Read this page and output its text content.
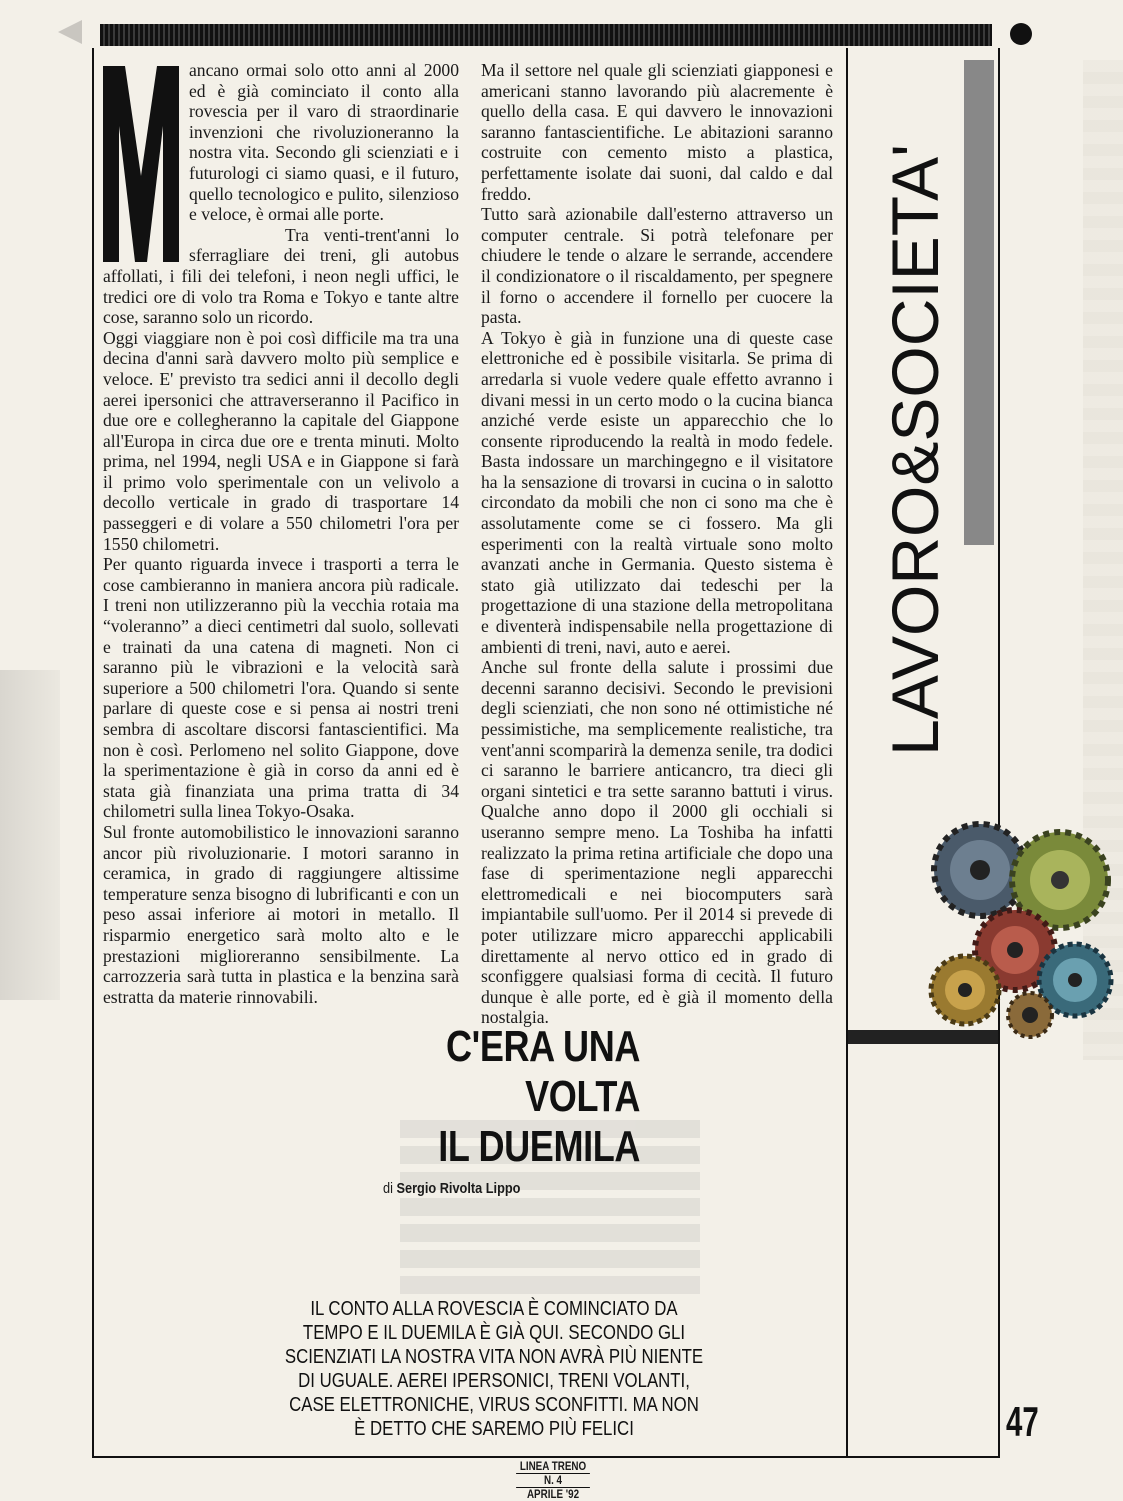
ancano ormai solo otto anni al 2000 ed è già cominciato il conto alla rovescia per il varo di straordinarie invenzioni che rivoluzioneranno la nostra vita. Secondo gli scienziati e i futurologi ci siamo quasi, e il futuro, quello tecnologico e pulito, silenzioso e veloce, è ormai alle porte.

Tra venti-trent'anni lo sferragliare dei treni, gli autobus affollati, i fili dei telefoni, i neon negli uffici, le tredici ore di volo tra Roma e Tokyo e tante altre cose, saranno solo un ricordo.

Oggi viaggiare non è poi così difficile ma tra una decina d'anni sarà davvero molto più semplice e veloce. E' previsto tra sedici anni il decollo degli aerei ipersonici che attraverseranno il Pacifico in due ore e collegheranno la capitale del Giappone all'Europa in circa due ore e trenta minuti. Molto prima, nel 1994, negli USA e in Giappone si farà il primo volo sperimentale con un velivolo a decollo verticale in grado di trasportare 14 passeggeri e di volare a 550 chilometri l'ora per 1550 chilometri.

Per quanto riguarda invece i trasporti a terra le cose cambieranno in maniera ancora più radicale. I treni non utilizzeranno più la vecchia rotaia ma “voleranno” a dieci centimetri dal suolo, sollevati e trainati da una catena di magneti. Non ci saranno più le vibrazioni e la velocità sarà superiore a 500 chilometri l'ora. Quando si sente parlare di queste cose e si pensa ai nostri treni sembra di ascoltare discorsi fantascientifici. Ma non è così. Perlomeno nel solito Giappone, dove la sperimentazione è già in corso da anni ed è stata già finanziata una prima tratta di 34 chilometri sulla linea Tokyo-Osaka.

Sul fronte automobilistico le innovazioni saranno ancor più rivoluzionarie. I motori saranno in ceramica, in grado di raggiungere altissime temperature senza bisogno di lubrificanti e con un peso assai inferiore ai motori in metallo. Il risparmio energetico sarà molto alto e le prestazioni miglioreranno sensibilmente. La carrozzeria sarà tutta in plastica e la benzina sarà estratta da materie rinnovabili.

Ma il settore nel quale gli scienziati giapponesi e americani stanno lavorando più alacremente è quello della casa. E qui davvero le innovazioni saranno fantascientifiche. Le abitazioni saranno costruite con cemento misto a plastica, perfettamente isolate dai suoni, dal caldo e dal freddo.

Tutto sarà azionabile dall'esterno attraverso un computer centrale. Si potrà telefonare per chiudere le tende o alzare le serrande, accendere il condizionatore o il riscaldamento, per spegnere il forno o accendere il fornello per cuocere la pasta.

A Tokyo è già in funzione una di queste case elettroniche ed è possibile visitarla. Se prima di arredarla si vuole vedere quale effetto avranno i divani messi in un certo modo o la cucina bianca anziché verde esiste un apparecchio che lo consente riproducendo la realtà in modo fedele. Basta indossare un marchingegno e il visitatore ha la sensazione di trovarsi in cucina o in salotto circondato da mobili che non ci sono ma che è assolutamente come se ci fossero. Ma gli esperimenti con la realtà virtuale sono molto avanzati anche in Germania. Questo sistema è stato già utilizzato dai tedeschi per la progettazione di una stazione della metropolitana e diventerà indispensabile nella progettazione di ambienti di treni, navi, auto e aerei.

Anche sul fronte della salute i prossimi due decenni saranno decisivi. Secondo le previsioni degli scienziati, che non sono né ottimistiche né pessimistiche, ma semplicemente realistiche, tra vent'anni scomparirà la demenza senile, tra dodici ci saranno le barriere anticancro, tra dieci gli organi sintetici e tra sette saranno battuti i virus. Qualche anno dopo il 2000 gli occhiali si useranno sempre meno. La Toshiba ha infatti realizzato la prima retina artificiale che dopo una fase di sperimentazione negli apparecchi elettromedicali e nei biocomputers sarà impiantabile sull'uomo. Per il 2014 si prevede di poter utilizzare micro apparecchi applicabili direttamente al nervo ottico ed in grado di sconfiggere qualsiasi forma di cecità. Il futuro dunque è alle porte, ed è già il momento della nostalgia.

LAVORO&SOCIETA'
C'ERA UNA VOLTA
IL DUEMILA
di Sergio Rivolta Lippo
IL CONTO ALLA ROVESCIA È COMINCIATO DA TEMPO E IL DUEMILA È GIÀ QUI. SECONDO GLI SCIENZIATI LA NOSTRA VITA NON AVRÀ PIÙ NIENTE DI UGUALE. AEREI IPERSONICI, TRENI VOLANTI, CASE ELETTRONICHE, VIRUS SCONFITTI. MA NON È DETTO CHE SAREMO PIÙ FELICI	47
LINEA TRENO
N. 4
APRILE '92
